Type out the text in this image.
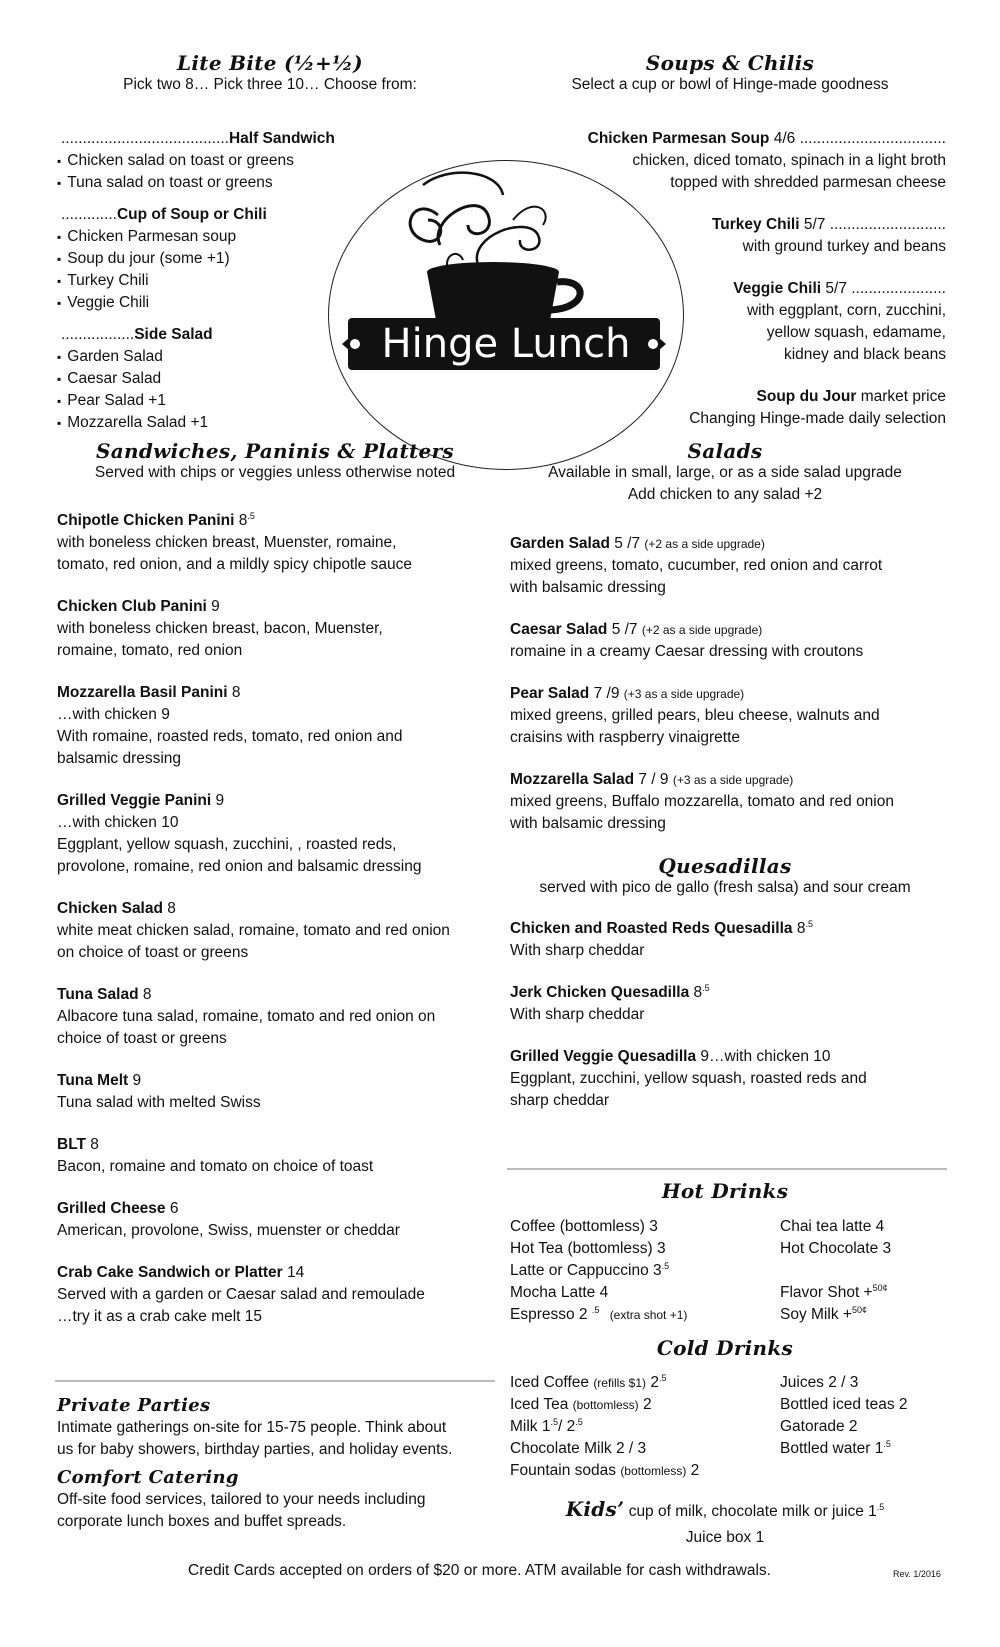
Lite Bite (½+½)
Pick two 8… Pick three 10… Choose from:
.......................................Half Sandwich
▪ Chicken salad on toast or greens
▪ Tuna salad on toast or greens
.............Cup of Soup or Chili
▪ Chicken Parmesan soup
▪ Soup du jour (some +1)
▪ Turkey Chili
▪ Veggie Chili
.................Side Salad
▪ Garden Salad
▪ Caesar Salad
▪ Pear Salad +1
▪ Mozzarella Salad +1
Soups & Chilis
Select a cup or bowl of Hinge-made goodness
Chicken Parmesan Soup 4/6 ..................................
chicken, diced tomato, spinach in a light broth
topped with shredded parmesan cheese
Turkey Chili 5/7 ...........................
with ground turkey and beans
Veggie Chili 5/7 ......................
with eggplant, corn, zucchini,
yellow squash, edamame,
kidney and black beans
Soup du Jour market price
Changing Hinge-made daily selection
Hinge Lunch
Sandwiches, Paninis & Platters
Served with chips or veggies unless otherwise noted
Chipotle Chicken Panini $8^{.5}$
with boneless chicken breast, Muenster, romaine,
tomato, red onion, and a mildly spicy chipotle sauce
Chicken Club Panini 9
with boneless chicken breast, bacon, Muenster,
romaine, tomato, red onion
Mozzarella Basil Panini 8
…with chicken 9
With romaine, roasted reds, tomato, red onion and
balsamic dressing
Grilled Veggie Panini 9
…with chicken 10
Eggplant, yellow squash, zucchini, , roasted reds,
provolone, romaine, red onion and balsamic dressing
Chicken Salad 8
white meat chicken salad, romaine, tomato and red onion
on choice of toast or greens
Tuna Salad 8
Albacore tuna salad, romaine, tomato and red onion on
choice of toast or greens
Tuna Melt 9
Tuna salad with melted Swiss
BLT 8
Bacon, romaine and tomato on choice of toast
Grilled Cheese 6
American, provolone, Swiss, muenster or cheddar
Crab Cake Sandwich or Platter 14
Served with a garden or Caesar salad and remoulade
…try it as a crab cake melt 15
Salads
Available in small, large, or as a side salad upgrade
Add chicken to any salad +2
Garden Salad 5 /7 (+2 as a side upgrade)
mixed greens, tomato, cucumber, red onion and carrot
with balsamic dressing
Caesar Salad 5 /7 (+2 as a side upgrade)
romaine in a creamy Caesar dressing with croutons
Pear Salad 7 /9 (+3 as a side upgrade)
mixed greens, grilled pears, bleu cheese, walnuts and
craisins with raspberry vinaigrette
Mozzarella Salad 7 / 9 (+3 as a side upgrade)
mixed greens, Buffalo mozzarella, tomato and red onion
with balsamic dressing
Quesadillas
served with pico de gallo (fresh salsa) and sour cream
Chicken and Roasted Reds Quesadilla $8^{.5}$
With sharp cheddar
Jerk Chicken Quesadilla $8^{.5}$
With sharp cheddar
Grilled Veggie Quesadilla 9…with chicken 10
Eggplant, zucchini, yellow squash, roasted reds and
sharp cheddar
Hot Drinks
Coffee (bottomless) 3	Chai tea latte 4
Hot Tea (bottomless) 3	Hot Chocolate 3
Latte or Cappuccino $3^{.5}$
Mocha Latte 4	Flavor Shot +$^{50¢}$
Espresso 2 $^{.5}$ (extra shot +1)	Soy Milk +$^{50¢}$
Cold Drinks
Iced Coffee (refills $1) $2^{.5}$	Juices 2 / 3
Iced Tea (bottomless) 2	Bottled iced teas 2
Milk $1^{.5}/$ $2^{.5}$	Gatorade 2
Chocolate Milk 2 / 3	Bottled water $1^{.5}$
Fountain sodas (bottomless) 2
Kids’ cup of milk, chocolate milk or juice $1^{.5}$
Juice box 1
Private Parties
Intimate gatherings on-site for 15-75 people. Think about
us for baby showers, birthday parties, and holiday events.
Comfort Catering
Off-site food services, tailored to your needs including
corporate lunch boxes and buffet spreads.
Credit Cards accepted on orders of $20 or more. ATM available for cash withdrawals.	Rev. 1/2016
